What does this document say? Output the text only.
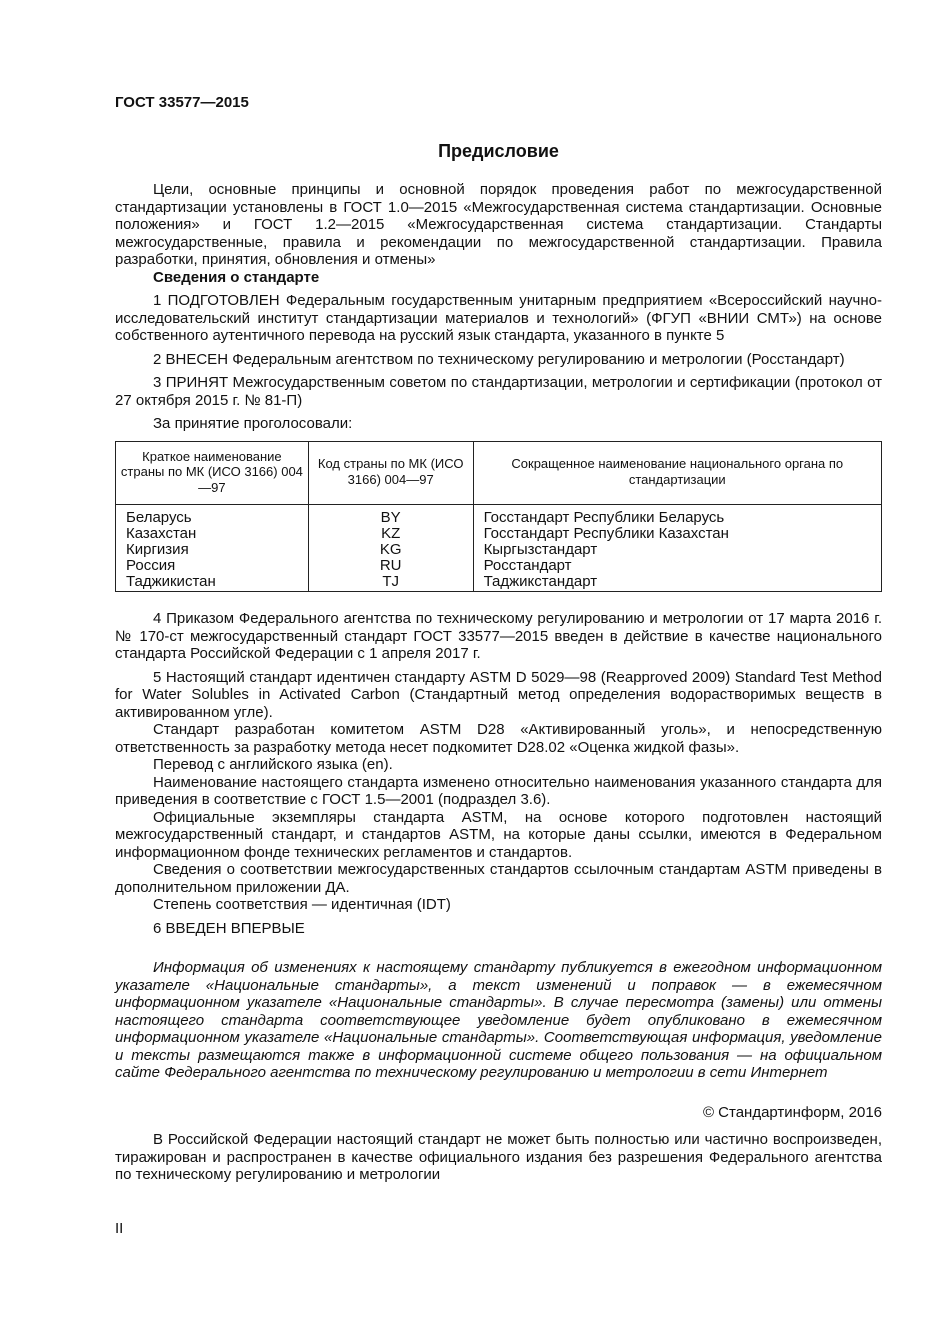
ГОСТ 33577—2015
Предисловие

Цели, основные принципы и основной порядок проведения работ по межгосударственной стандартизации установлены в ГОСТ 1.0—2015 «Межгосударственная система стандартизации. Основные положения» и ГОСТ 1.2—2015 «Межгосударственная система стандартизации. Стандарты межгосударственные, правила и рекомендации по межгосударственной стандартизации. Правила разработки, принятия, обновления и отмены»

Сведения о стандарте

1 ПОДГОТОВЛЕН Федеральным государственным унитарным предприятием «Всероссийский научно-исследовательский институт стандартизации материалов и технологий» (ФГУП «ВНИИ СМТ») на основе собственного аутентичного перевода на русский язык стандарта, указанного в пункте 5

2 ВНЕСЕН Федеральным агентством по техническому регулированию и метрологии (Росстандарт)

3 ПРИНЯТ Межгосударственным советом по стандартизации, метрологии и сертификации (протокол от 27 октября 2015 г. № 81-П)

За принятие проголосовали:

Краткое наименование страны по МК (ИСО 3166) 004—97	Код страны по МК (ИСО 3166) 004—97	Сокращенное наименование национального органа по стандартизации
Беларусь	BY	Госстандарт Республики Беларусь
Казахстан	KZ	Госстандарт Республики Казахстан
Киргизия	KG	Кыргызстандарт
Россия	RU	Росстандарт
Таджикистан	TJ	Таджикстандарт

4 Приказом Федерального агентства по техническому регулированию и метрологии от 17 марта 2016 г. № 170-ст межгосударственный стандарт ГОСТ 33577—2015 введен в действие в качестве национального стандарта Российской Федерации с 1 апреля 2017 г.

5 Настоящий стандарт идентичен стандарту ASTM D 5029—98 (Reapproved 2009) Standard Test Method for Water Solubles in Activated Carbon (Стандартный метод определения водорастворимых веществ в активированном угле).

Стандарт разработан комитетом ASTM D28 «Активированный уголь», и непосредственную ответственность за разработку метода несет подкомитет D28.02 «Оценка жидкой фазы».

Перевод с английского языка (en).

Наименование настоящего стандарта изменено относительно наименования указанного стандарта для приведения в соответствие с ГОСТ 1.5—2001 (подраздел 3.6).

Официальные экземпляры стандарта ASTM, на основе которого подготовлен настоящий межгосударственный стандарт, и стандартов ASTM, на которые даны ссылки, имеются в Федеральном информационном фонде технических регламентов и стандартов.

Сведения о соответствии межгосударственных стандартов ссылочным стандартам ASTM приведены в дополнительном приложении ДА.

Степень соответствия — идентичная (IDT)

6 ВВЕДЕН ВПЕРВЫЕ

Информация об изменениях к настоящему стандарту публикуется в ежегодном информационном указателе «Национальные стандарты», а текст изменений и поправок — в ежемесячном информационном указателе «Национальные стандарты». В случае пересмотра (замены) или отмены настоящего стандарта соответствующее уведомление будет опубликовано в ежемесячном информационном указателе «Национальные стандарты». Соответствующая информация, уведомление и тексты размещаются также в информационной системе общего пользования — на официальном сайте Федерального агентства по техническому регулированию и метрологии в сети Интернет

© Стандартинформ, 2016

В Российской Федерации настоящий стандарт не может быть полностью или частично воспроизведен, тиражирован и распространен в качестве официального издания без разрешения Федерального агентства по техническому регулированию и метрологии

II
